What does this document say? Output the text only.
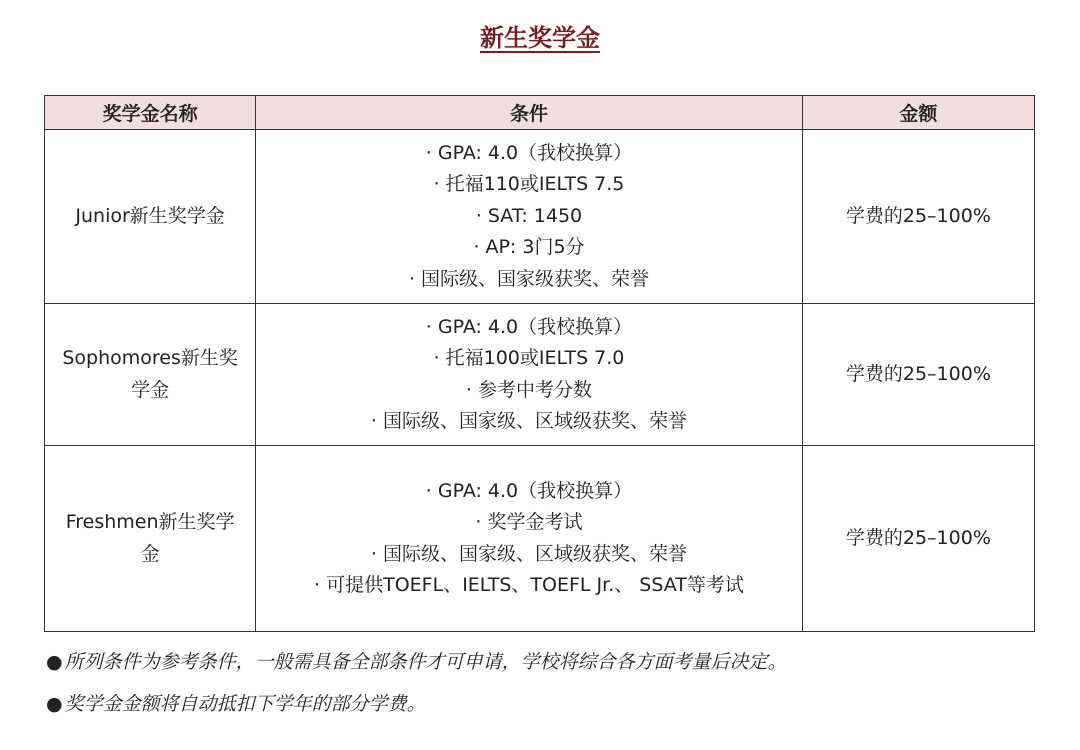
新生奖学金
奖学金名称	条件	金额
Junior新生奖学金	· GPA: 4.0（我校换算）
· 托福110或IELTS 7.5
· SAT: 1450
· AP: 3门5分
· 国际级、国家级获奖、荣誉	学费的25–100%
Sophomores新生奖学金	· GPA: 4.0（我校换算）
· 托福100或IELTS 7.0
· 参考中考分数
· 国际级、国家级、区域级获奖、荣誉	学费的25–100%
Freshmen新生奖学金	· GPA: 4.0（我校换算）
· 奖学金考试
· 国际级、国家级、区域级获奖、荣誉
· 可提供TOEFL、IELTS、TOEFL Jr.、 SSAT等考试	学费的25–100%
● 所列条件为参考条件，一般需具备全部条件才可申请，学校将综合各方面考量后决定。
● 奖学金金额将自动抵扣下学年的部分学费。
